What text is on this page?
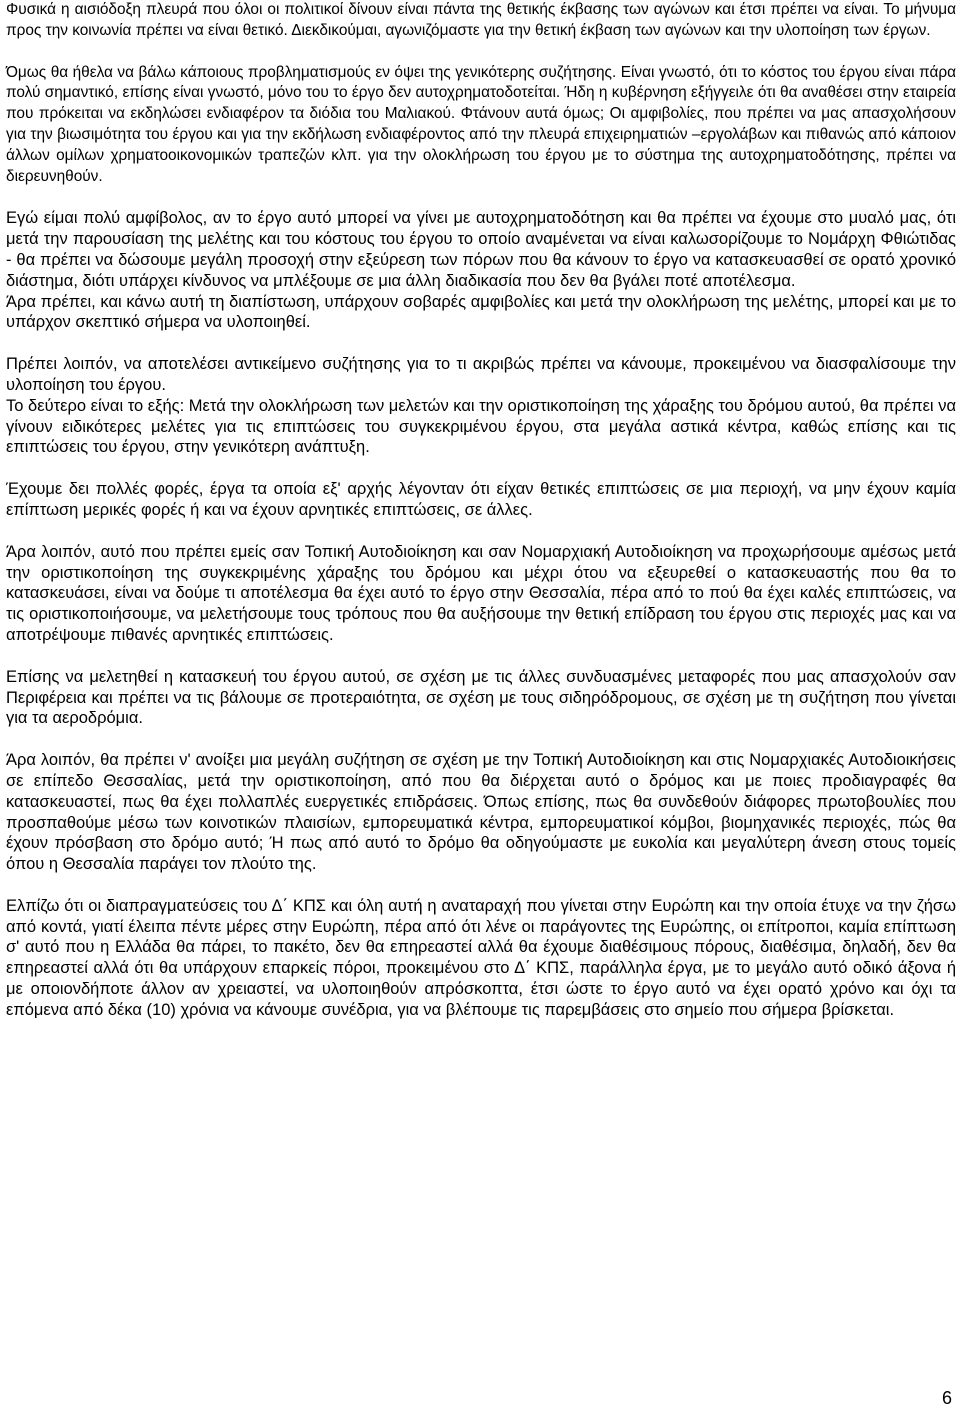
Φυσικά η αισιόδοξη πλευρά που όλοι οι πολιτικοί δίνουν είναι πάντα της θετικής έκβασης των αγώνων και έτσι πρέπει να είναι. Το μήνυμα προς την κοινωνία πρέπει να είναι θετικό. Διεκδικούμαι, αγωνιζόμαστε για την θετική έκβαση των αγώνων και την υλοποίηση των έργων.

Όμως θα ήθελα να βάλω κάποιους προβληματισμούς εν όψει της γενικότερης συζήτησης. Είναι γνωστό, ότι το κόστος του έργου είναι πάρα πολύ σημαντικό, επίσης είναι γνωστό, μόνο του το έργο δεν αυτοχρηματοδοτείται. Ήδη η κυβέρνηση εξήγγειλε ότι θα αναθέσει στην εταιρεία που πρόκειται να εκδηλώσει ενδιαφέρον τα διόδια του Μαλιακού. Φτάνουν αυτά όμως; Οι αμφιβολίες, που πρέπει να μας απασχολήσουν για την βιωσιμότητα του έργου και για την εκδήλωση ενδιαφέροντος από την πλευρά επιχειρηματιών –εργολάβων και πιθανώς από κάποιον άλλων ομίλων χρηματοοικονομικών τραπεζών κλπ. για την ολοκλήρωση του έργου με το σύστημα της αυτοχρηματοδότησης, πρέπει να διερευνηθούν.

Εγώ είμαι πολύ αμφίβολος, αν το έργο αυτό μπορεί να γίνει με αυτοχρηματοδότηση και θα πρέπει να έχουμε στο μυαλό μας, ότι μετά την παρουσίαση της μελέτης και του κόστους του έργου το οποίο αναμένεται να είναι καλωσορίζουμε το Νομάρχη Φθιώτιδας - θα πρέπει να δώσουμε μεγάλη προσοχή στην εξεύρεση των πόρων που θα κάνουν το έργο να κατασκευασθεί σε ορατό χρονικό διάστημα, διότι υπάρχει κίνδυνος να μπλέξουμε σε μια άλλη διαδικασία που δεν θα βγάλει ποτέ αποτέλεσμα.

Άρα πρέπει, και κάνω αυτή τη διαπίστωση, υπάρχουν σοβαρές αμφιβολίες και μετά την ολοκλήρωση της μελέτης, μπορεί και με το υπάρχον σκεπτικό σήμερα να υλοποιηθεί.

Πρέπει λοιπόν, να αποτελέσει αντικείμενο συζήτησης για το τι ακριβώς πρέπει να κάνουμε, προκειμένου να διασφαλίσουμε την υλοποίηση του έργου.

Το δεύτερο είναι το εξής: Μετά την ολοκλήρωση των μελετών και την οριστικοποίηση της χάραξης του δρόμου αυτού, θα πρέπει να γίνουν ειδικότερες μελέτες για τις επιπτώσεις του συγκεκριμένου έργου, στα μεγάλα αστικά κέντρα, καθώς επίσης και τις επιπτώσεις του έργου, στην γενικότερη ανάπτυξη.

Έχουμε δει πολλές φορές, έργα τα οποία εξ' αρχής λέγονταν ότι είχαν θετικές επιπτώσεις σε μια περιοχή, να μην έχουν καμία επίπτωση μερικές φορές ή και να έχουν αρνητικές επιπτώσεις, σε άλλες.

Άρα λοιπόν, αυτό που πρέπει εμείς σαν Τοπική Αυτοδιοίκηση και σαν Νομαρχιακή Αυτοδιοίκηση να προχωρήσουμε αμέσως μετά την οριστικοποίηση της συγκεκριμένης χάραξης του δρόμου και μέχρι ότου να εξευρεθεί ο κατασκευαστής που θα το κατασκευάσει, είναι να δούμε τι αποτέλεσμα θα έχει αυτό το έργο στην Θεσσαλία, πέρα από το πού θα έχει καλές επιπτώσεις, να τις οριστικοποιήσουμε, να μελετήσουμε τους τρόπους που θα αυξήσουμε την θετική επίδραση του έργου στις περιοχές μας και να αποτρέψουμε πιθανές αρνητικές επιπτώσεις.

Επίσης να μελετηθεί η κατασκευή του έργου αυτού, σε σχέση με τις άλλες συνδυασμένες μεταφορές που μας απασχολούν σαν Περιφέρεια και πρέπει να τις βάλουμε σε προτεραιότητα, σε σχέση με τους σιδηρόδρομους, σε σχέση με τη συζήτηση που γίνεται για τα αεροδρόμια.

Άρα λοιπόν, θα πρέπει ν' ανοίξει μια μεγάλη συζήτηση σε σχέση με την Τοπική Αυτοδιοίκηση και στις Νομαρχιακές Αυτοδιοικήσεις σε επίπεδο Θεσσαλίας, μετά την οριστικοποίηση, από που θα διέρχεται αυτό ο δρόμος και με ποιες προδιαγραφές θα κατασκευαστεί, πως θα έχει πολλαπλές ευεργετικές επιδράσεις. Όπως επίσης, πως θα συνδεθούν διάφορες πρωτοβουλίες που προσπαθούμε μέσω των κοινοτικών πλαισίων, εμπορευματικά κέντρα, εμπορευματικοί κόμβοι, βιομηχανικές περιοχές, πώς θα έχουν πρόσβαση στο δρόμο αυτό; Ή πως από αυτό το δρόμο θα οδηγούμαστε με ευκολία και μεγαλύτερη άνεση στους τομείς όπου η Θεσσαλία παράγει τον πλούτο της.

Ελπίζω ότι οι διαπραγματεύσεις του Δ΄ ΚΠΣ και όλη αυτή η αναταραχή που γίνεται στην Ευρώπη και την οποία έτυχε να την ζήσω από κοντά, γιατί έλειπα πέντε μέρες στην Ευρώπη, πέρα από ότι λένε οι παράγοντες της Ευρώπης, οι επίτροποι, καμία επίπτωση σ' αυτό που η Ελλάδα θα πάρει, το πακέτο, δεν θα επηρεαστεί αλλά θα έχουμε διαθέσιμους πόρους, διαθέσιμα, δηλαδή, δεν θα επηρεαστεί αλλά ότι θα υπάρχουν επαρκείς πόροι, προκειμένου στο Δ΄ ΚΠΣ, παράλληλα έργα, με το μεγάλο αυτό οδικό άξονα ή με οποιονδήποτε άλλον αν χρειαστεί, να υλοποιηθούν απρόσκοπτα, έτσι ώστε το έργο αυτό να έχει ορατό χρόνο και όχι τα επόμενα από δέκα (10) χρόνια να κάνουμε συνέδρια, για να βλέπουμε τις παρεμβάσεις στο σημείο που σήμερα βρίσκεται.

6
